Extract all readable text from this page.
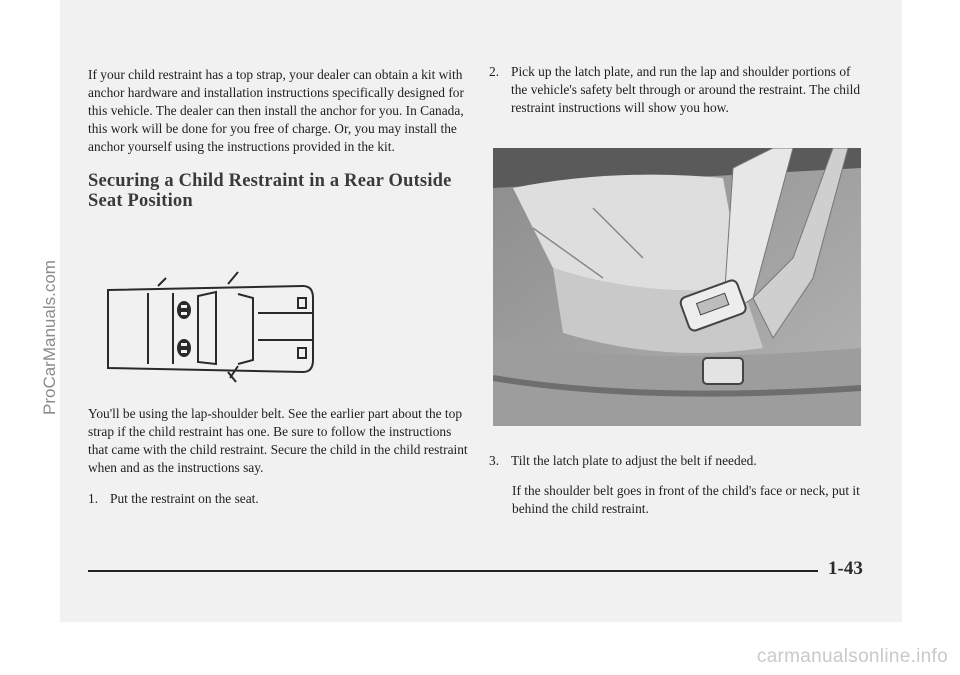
If your child restraint has a top strap, your dealer can obtain a kit with anchor hardware and installation instructions specifically designed for this vehicle. The dealer can then install the anchor for you. In Canada, this work will be done for you free of charge. Or, you may install the anchor yourself using the instructions provided in the kit.

Securing a Child Restraint in a Rear Outside Seat Position

You'll be using the lap-shoulder belt. See the earlier part about the top strap if the child restraint has one. Be sure to follow the instructions that came with the child restraint. Secure the child in the child restraint when and as the instructions say.

1. Put the restraint on the seat.
2. Pick up the latch plate, and run the lap and shoulder portions of the vehicle's safety belt through or around the restraint. The child restraint instructions will show you how.
3. Tilt the latch plate to adjust the belt if needed.

If the shoulder belt goes in front of the child's face or neck, put it behind the child restraint.

1-43
ProCarManuals.com
carmanualsonline.info
